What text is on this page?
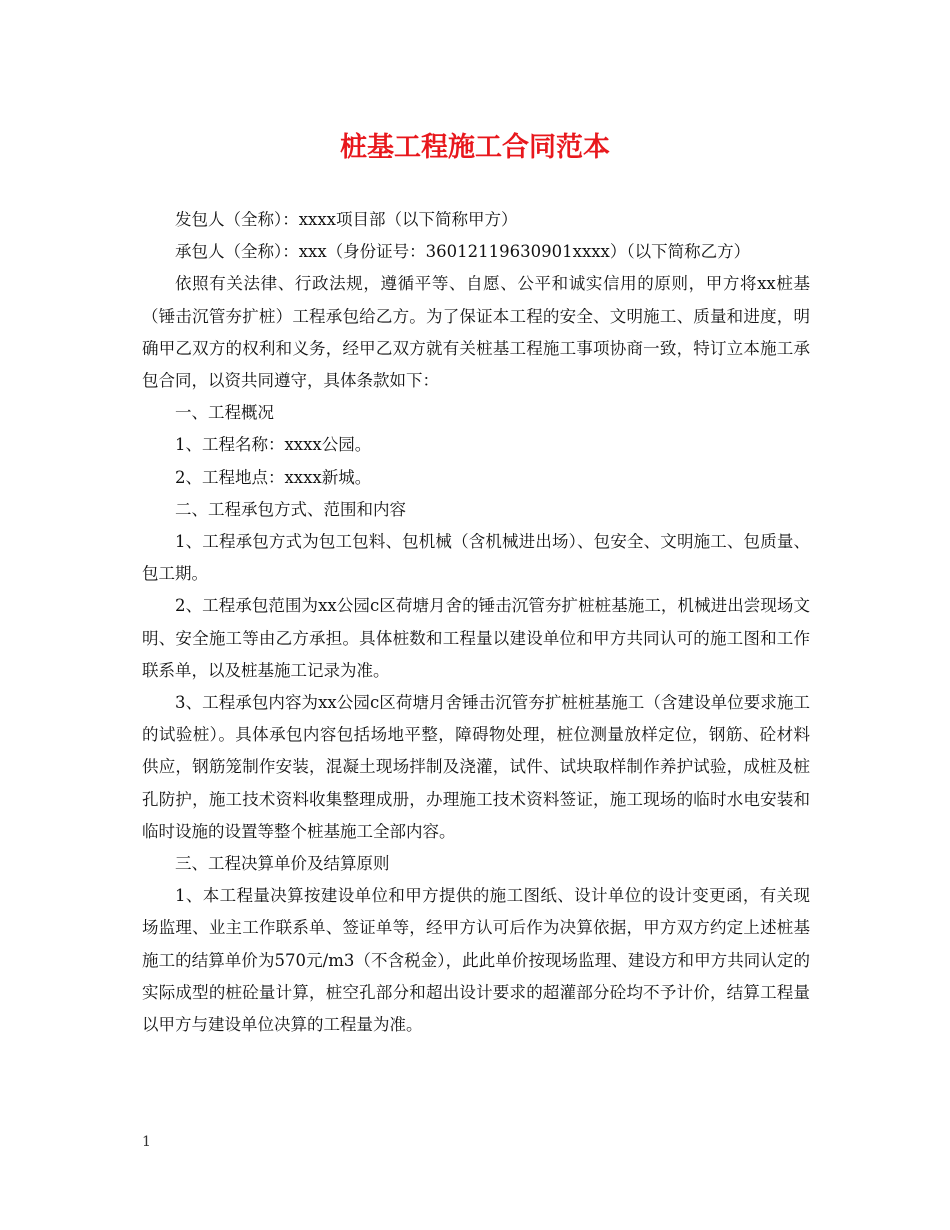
桩基工程施工合同范本

发包人（全称）：xxxx项目部（以下简称甲方）

承包人（全称）：xxx（身份证号：36012119630901xxxx）（以下简称乙方）

依照有关法律、行政法规，遵循平等、自愿、公平和诚实信用的原则，甲方将xx桩基（锤击沉管夯扩桩）工程承包给乙方。为了保证本工程的安全、文明施工、质量和进度，明确甲乙双方的权利和义务，经甲乙双方就有关桩基工程施工事项协商一致，特订立本施工承包合同，以资共同遵守，具体条款如下：

一、工程概况

1、工程名称：xxxx公园。

2、工程地点：xxxx新城。

二、工程承包方式、范围和内容

1、工程承包方式为包工包料、包机械（含机械进出场）、包安全、文明施工、包质量、包工期。

2、工程承包范围为xx公园c区荷塘月舍的锤击沉管夯扩桩桩基施工，机械进出尝现场文明、安全施工等由乙方承担。具体桩数和工程量以建设单位和甲方共同认可的施工图和工作联系单，以及桩基施工记录为准。

3、工程承包内容为xx公园c区荷塘月舍锤击沉管夯扩桩桩基施工（含建设单位要求施工的试验桩）。具体承包内容包括场地平整，障碍物处理，桩位测量放样定位，钢筋、砼材料供应，钢筋笼制作安装，混凝土现场拌制及浇灌，试件、试块取样制作养护试验，成桩及桩孔防护，施工技术资料收集整理成册，办理施工技术资料签证，施工现场的临时水电安装和临时设施的设置等整个桩基施工全部内容。

三、工程决算单价及结算原则

1、本工程量决算按建设单位和甲方提供的施工图纸、设计单位的设计变更函，有关现场监理、业主工作联系单、签证单等，经甲方认可后作为决算依据，甲方双方约定上述桩基施工的结算单价为570元/m3（不含税金），此此单价按现场监理、建设方和甲方共同认定的实际成型的桩砼量计算，桩空孔部分和超出设计要求的超灌部分砼均不予计价，结算工程量以甲方与建设单位决算的工程量为准。

1
